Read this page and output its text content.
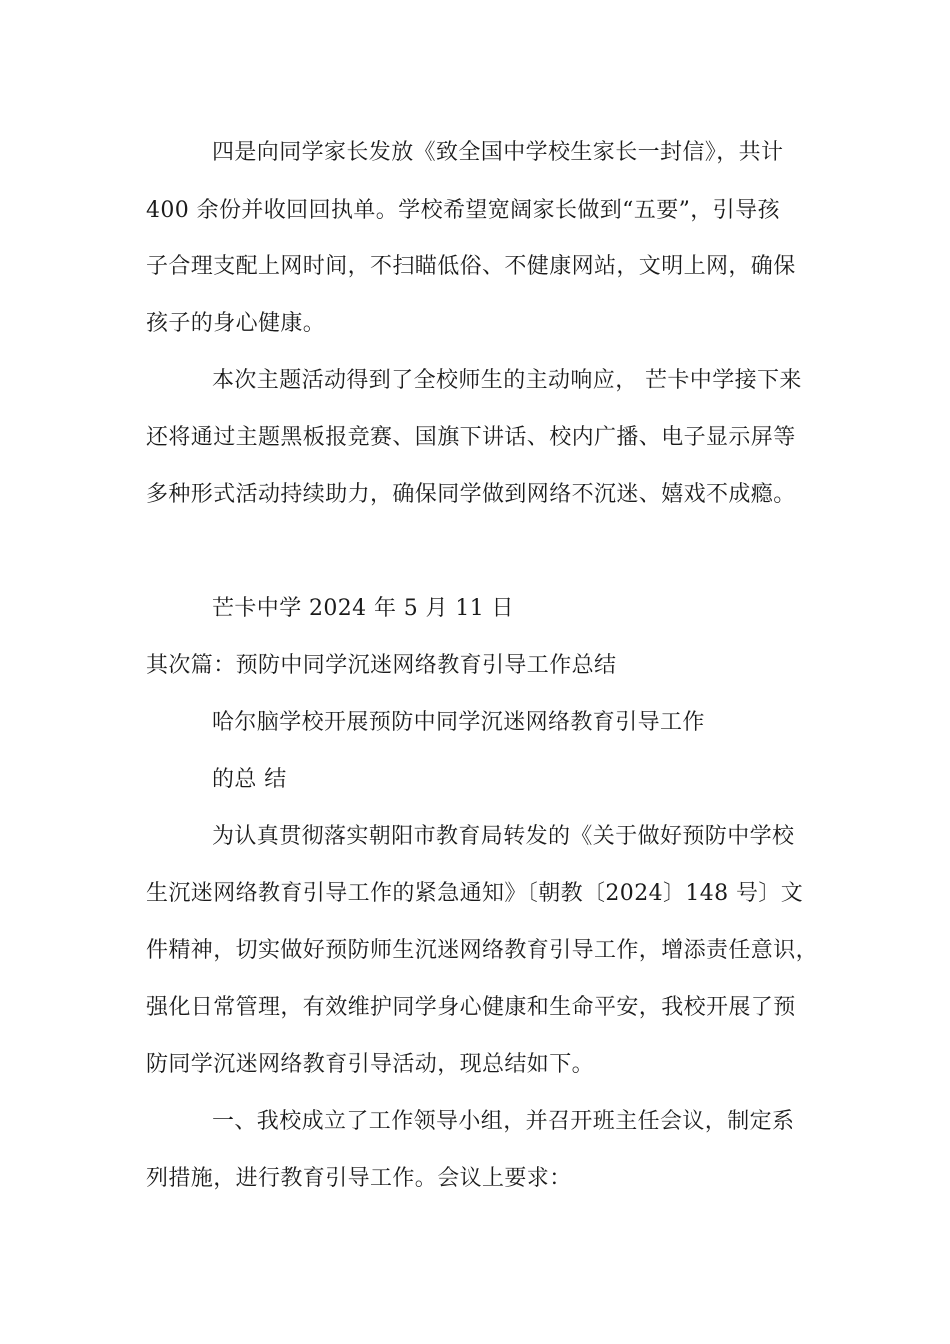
四是向同学家长发放《致全国中学校生家长一封信》，共计
400 余份并收回回执单。学校希望宽阔家长做到“五要”，引导孩
子合理支配上网时间，不扫瞄低俗、不健康网站，文明上网，确保
孩子的身心健康。
本次主题活动得到了全校师生的主动响应， 芒卡中学接下来
还将通过主题黑板报竞赛、国旗下讲话、校内广播、电子显示屏等
多种形式活动持续助力，确保同学做到网络不沉迷、嬉戏不成瘾。
芒卡中学 2024 年 5 月 11 日
其次篇：预防中同学沉迷网络教育引导工作总结
哈尔脑学校开展预防中同学沉迷网络教育引导工作
的总 结
为认真贯彻落实朝阳市教育局转发的《关于做好预防中学校
生沉迷网络教育引导工作的紧急通知》〔朝教〔2024〕148 号〕文
件精神，切实做好预防师生沉迷网络教育引导工作，增添责任意识，
强化日常管理，有效维护同学身心健康和生命平安，我校开展了预
防同学沉迷网络教育引导活动，现总结如下。
一、我校成立了工作领导小组，并召开班主任会议，制定系
列措施，进行教育引导工作。会议上要求：
